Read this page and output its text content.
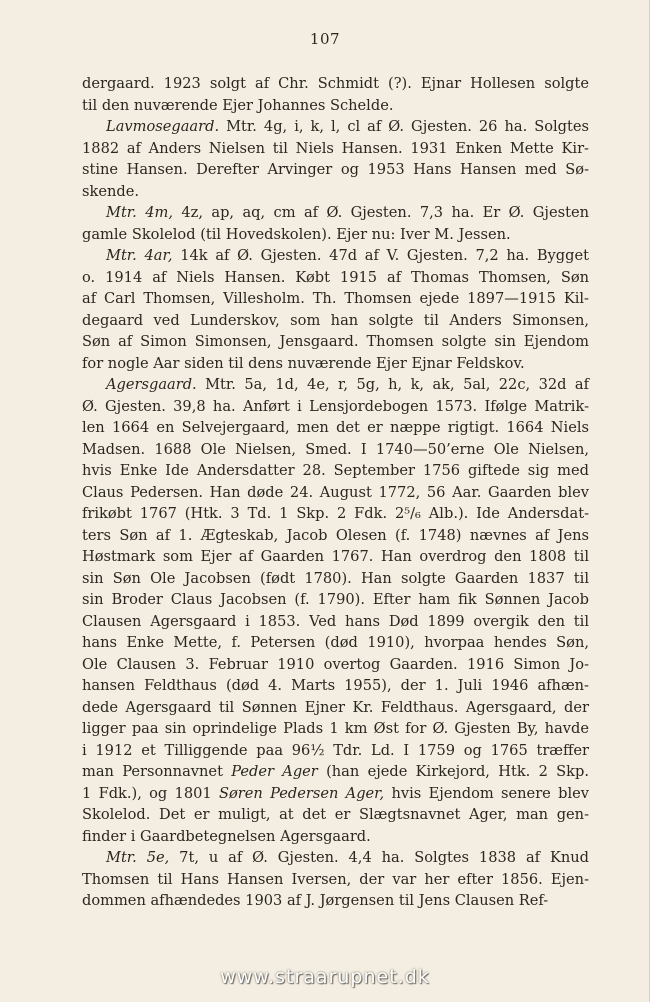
107
dergaard. 1923 solgt af Chr. Schmidt (?). Ejnar Hollesen solgte
til den nuværende Ejer Johannes Schelde.
Lavmosegaard. Mtr. 4g, i, k, l, cl af Ø. Gjesten. 26 ha. Solgtes
1882 af Anders Nielsen til Niels Hansen. 1931 Enken Mette Kir-
stine Hansen. Derefter Arvinger og 1953 Hans Hansen med Sø-
skende.
Mtr. 4m, 4z, ap, aq, cm af Ø. Gjesten. 7,3 ha. Er Ø. Gjesten
gamle Skolelod (til Hovedskolen). Ejer nu: Iver M. Jessen.
Mtr. 4ar, 14k af Ø. Gjesten. 47d af V. Gjesten. 7,2 ha. Bygget
o. 1914 af Niels Hansen. Købt 1915 af Thomas Thomsen, Søn
af Carl Thomsen, Villesholm. Th. Thomsen ejede 1897—1915 Kil-
degaard ved Lunderskov, som han solgte til Anders Simonsen,
Søn af Simon Simonsen, Jensgaard. Thomsen solgte sin Ejendom
for nogle Aar siden til dens nuværende Ejer Ejnar Feldskov.
Agersgaard. Mtr. 5a, 1d, 4e, r, 5g, h, k, ak, 5al, 22c, 32d af
Ø. Gjesten. 39,8 ha. Anført i Lensjordebogen 1573. Ifølge Matrik-
len 1664 en Selvejergaard, men det er næppe rigtigt. 1664 Niels
Madsen. 1688 Ole Nielsen, Smed. I 1740—50’erne Ole Nielsen,
hvis Enke Ide Andersdatter 28. September 1756 giftede sig med
Claus Pedersen. Han døde 24. August 1772, 56 Aar. Gaarden blev
frikøbt 1767 (Htk. 3 Td. 1 Skp. 2 Fdk. 2⁵/₆ Alb.). Ide Andersdat-
ters Søn af 1. Ægteskab, Jacob Olesen (f. 1748) nævnes af Jens
Høstmark som Ejer af Gaarden 1767. Han overdrog den 1808 til
sin Søn Ole Jacobsen (født 1780). Han solgte Gaarden 1837 til
sin Broder Claus Jacobsen (f. 1790). Efter ham fik Sønnen Jacob
Clausen Agersgaard i 1853. Ved hans Død 1899 overgik den til
hans Enke Mette, f. Petersen (død 1910), hvorpaa hendes Søn,
Ole Clausen 3. Februar 1910 overtog Gaarden. 1916 Simon Jo-
hansen Feldthaus (død 4. Marts 1955), der 1. Juli 1946 afhæn-
dede Agersgaard til Sønnen Ejner Kr. Feldthaus. Agersgaard, der
ligger paa sin oprindelige Plads 1 km Øst for Ø. Gjesten By, havde
i 1912 et Tilliggende paa 96½ Tdr. Ld. I 1759 og 1765 træffer
man Personnavnet Peder Ager (han ejede Kirkejord, Htk. 2 Skp.
1 Fdk.), og 1801 Søren Pedersen Ager, hvis Ejendom senere blev
Skolelod. Det er muligt, at det er Slægtsnavnet Ager, man gen-
finder i Gaardbetegnelsen Agersgaard.
Mtr. 5e, 7t, u af Ø. Gjesten. 4,4 ha. Solgtes 1838 af Knud
Thomsen til Hans Hansen Iversen, der var her efter 1856. Ejen-
dommen afhændedes 1903 af J. Jørgensen til Jens Clausen Ref-
www.straarupnet.dk
